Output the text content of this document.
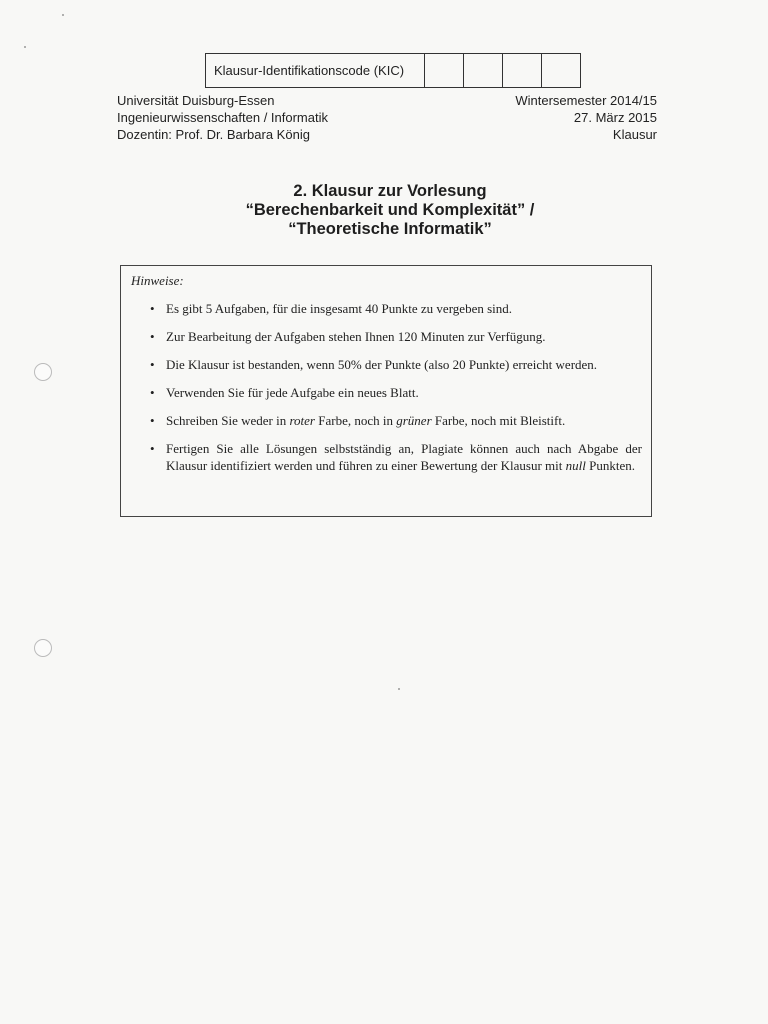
Klausur-Identifikationscode (KIC)
Universität Duisburg-Essen
Ingenieurwissenschaften / Informatik
Dozentin: Prof. Dr. Barbara König
Wintersemester 2014/15
27. März 2015
Klausur
2. Klausur zur Vorlesung
“Berechenbarkeit und Komplexität” /
“Theoretische Informatik”
Hinweise:
• Es gibt 5 Aufgaben, für die insgesamt 40 Punkte zu vergeben sind.
• Zur Bearbeitung der Aufgaben stehen Ihnen 120 Minuten zur Verfügung.
• Die Klausur ist bestanden, wenn 50% der Punkte (also 20 Punkte) erreicht werden.
• Verwenden Sie für jede Aufgabe ein neues Blatt.
• Schreiben Sie weder in roter Farbe, noch in grüner Farbe, noch mit Bleistift.
• Fertigen Sie alle Lösungen selbstständig an, Plagiate können auch nach Abgabe der Klausur identifiziert werden und führen zu einer Bewertung der Klausur mit null Punkten.
